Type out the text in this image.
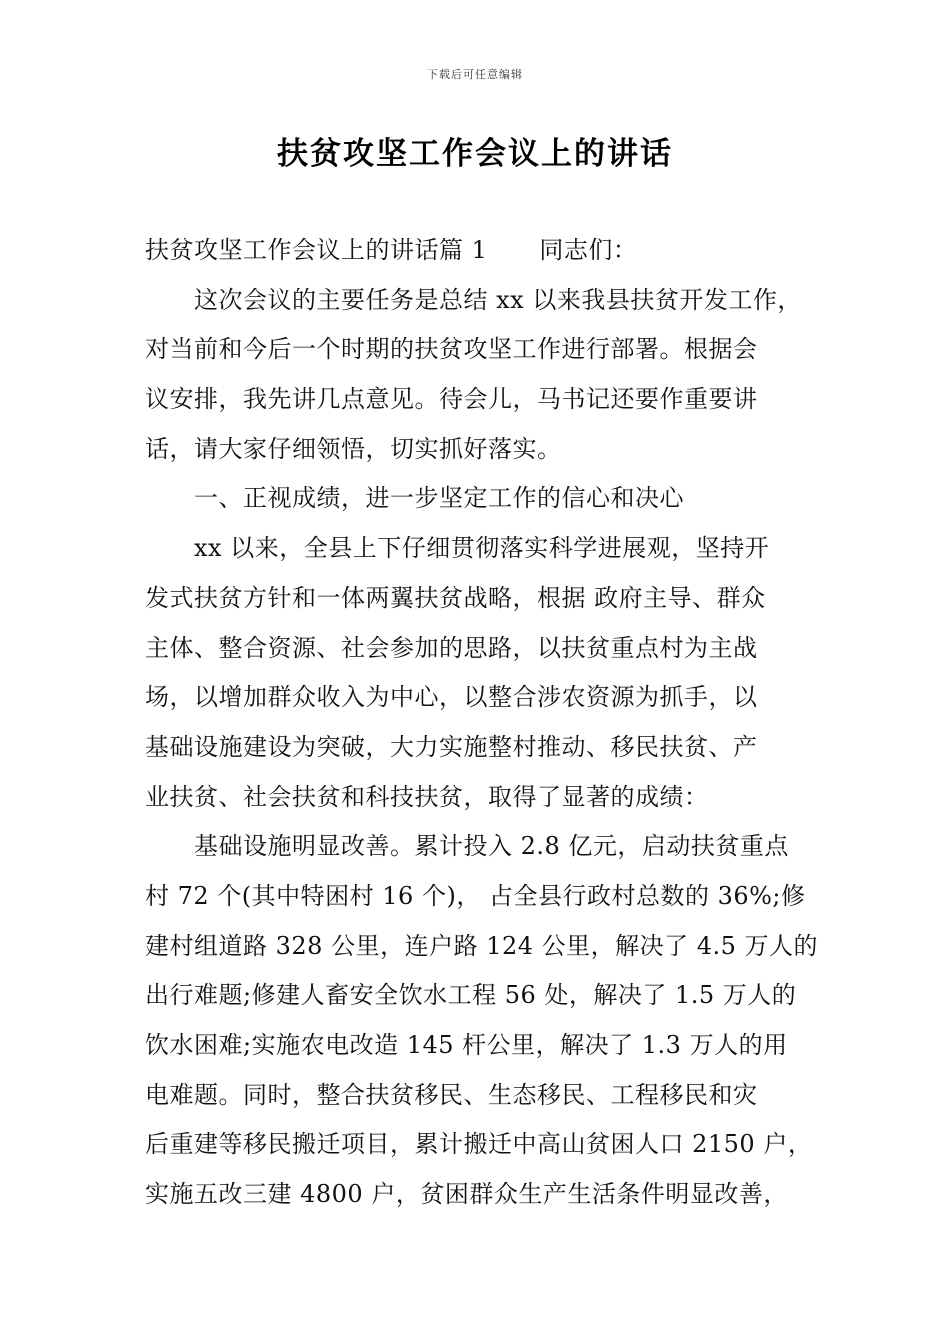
下载后可任意编辑
扶贫攻坚工作会议上的讲话
扶贫攻坚工作会议上的讲话篇 1 同志们：
这次会议的主要任务是总结 xx 以来我县扶贫开发工作，
对当前和今后一个时期的扶贫攻坚工作进行部署。根据会
议安排，我先讲几点意见。待会儿，马书记还要作重要讲
话，请大家仔细领悟，切实抓好落实。
一、正视成绩，进一步坚定工作的信心和决心
xx 以来，全县上下仔细贯彻落实科学进展观，坚持开
发式扶贫方针和一体两翼扶贫战略，根据 政府主导、群众
主体、整合资源、社会参加的思路，以扶贫重点村为主战
场，以增加群众收入为中心，以整合涉农资源为抓手，以
基础设施建设为突破，大力实施整村推动、移民扶贫、产
业扶贫、社会扶贫和科技扶贫，取得了显著的成绩：
基础设施明显改善。累计投入 2.8 亿元，启动扶贫重点
村 72 个(其中特困村 16 个)， 占全县行政村总数的 36%;修
建村组道路 328 公里，连户路 124 公里，解决了 4.5 万人的
出行难题;修建人畜安全饮水工程 56 处，解决了 1.5 万人的
饮水困难;实施农电改造 145 杆公里，解决了 1.3 万人的用
电难题。同时，整合扶贫移民、生态移民、工程移民和灾
后重建等移民搬迁项目，累计搬迁中高山贫困人口 2150 户，
实施五改三建 4800 户，贫困群众生产生活条件明显改善，
